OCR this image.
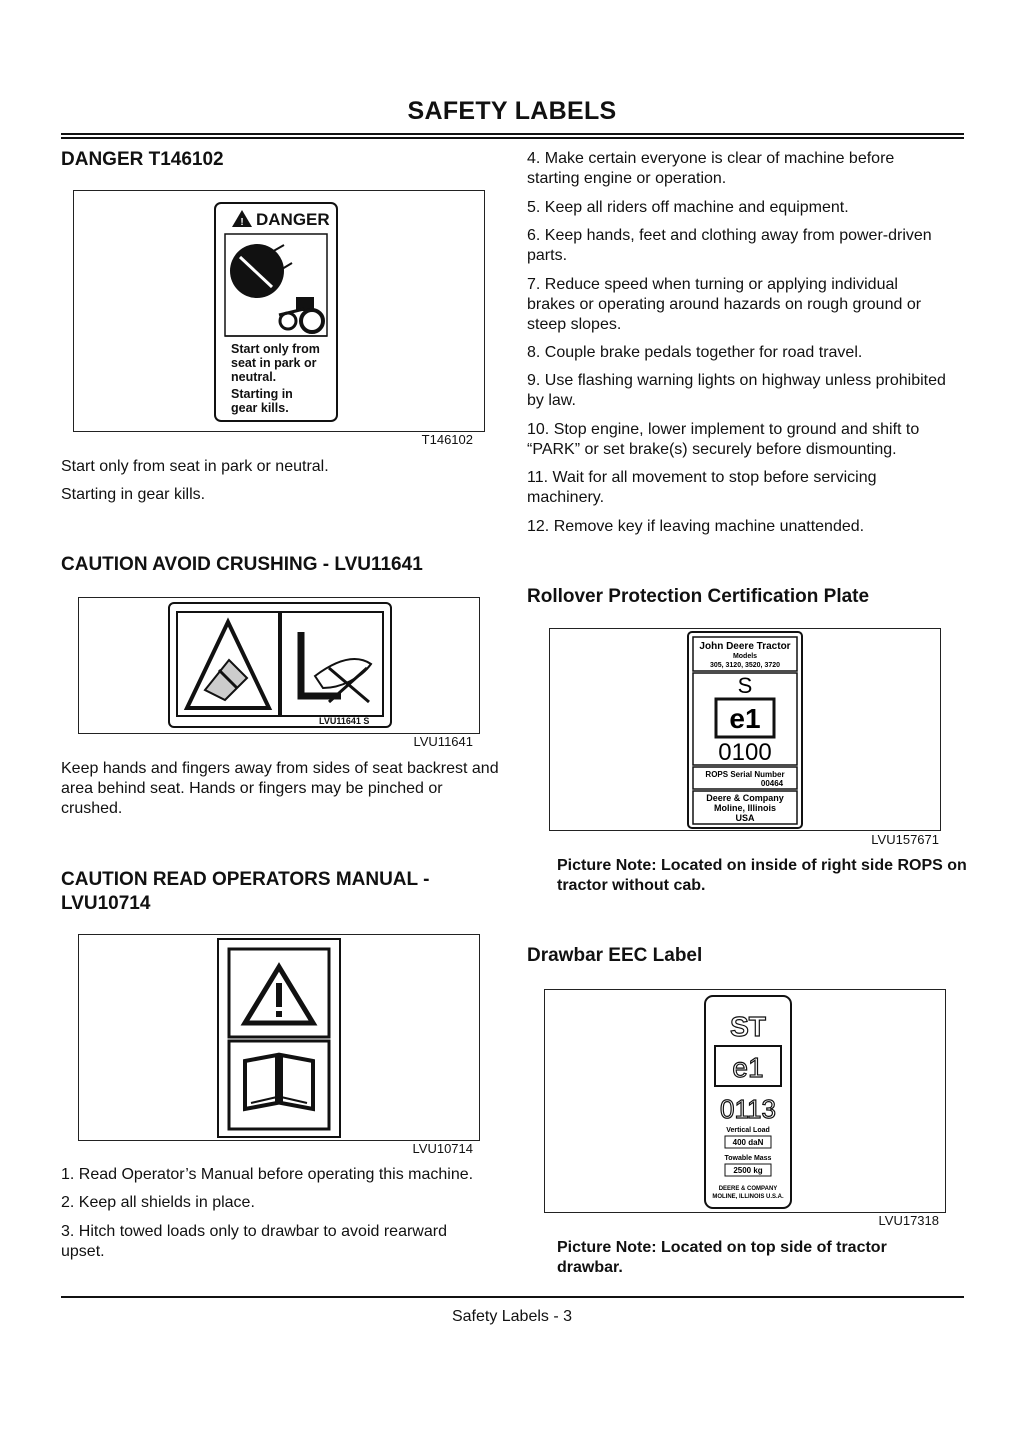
SAFETY LABELS
DANGER T146102
! DANGER
Start only from seat in park or neutral. Starting in gear kills.
T146102

Start only from seat in park or neutral.

Starting in gear kills.

CAUTION AVOID CRUSHING - LVU11641
LVU11641 S
LVU11641

Keep hands and fingers away from sides of seat backrest and area behind seat. Hands or fingers may be pinched or crushed.

CAUTION READ OPERATORS MANUAL - LVU10714
LVU10714

1. Read Operator’s Manual before operating this machine.

2. Keep all shields in place.

3. Hitch towed loads only to drawbar to avoid rearward upset.

4. Make certain everyone is clear of machine before starting engine or operation.

5. Keep all riders off machine and equipment.

6. Keep hands, feet and clothing away from power-driven parts.

7. Reduce speed when turning or applying individual brakes or operating around hazards on rough ground or steep slopes.

8. Couple brake pedals together for road travel.

9. Use flashing warning lights on highway unless prohibited by law.

10. Stop engine, lower implement to ground and shift to “PARK” or set brake(s) securely before dismounting.

11. Wait for all movement to stop before servicing machinery.

12. Remove key if leaving machine unattended.

Rollover Protection Certification Plate
John Deere Tractor
Models
305, 3120, 3520, 3720
S
e1
0100
ROPS Serial Number
00464
Deere & Company
Moline, Illinois
USA
LVU157671

Picture Note: Located on inside of right side ROPS on tractor without cab.

Drawbar EEC Label
ST
e1
0113
Vertical Load
400 daN
Towable Mass
2500 kg
DEERE & COMPANY
MOLINE, ILLINOIS U.S.A.
LVU17318

Picture Note: Located on top side of tractor drawbar.

Safety Labels - 3
